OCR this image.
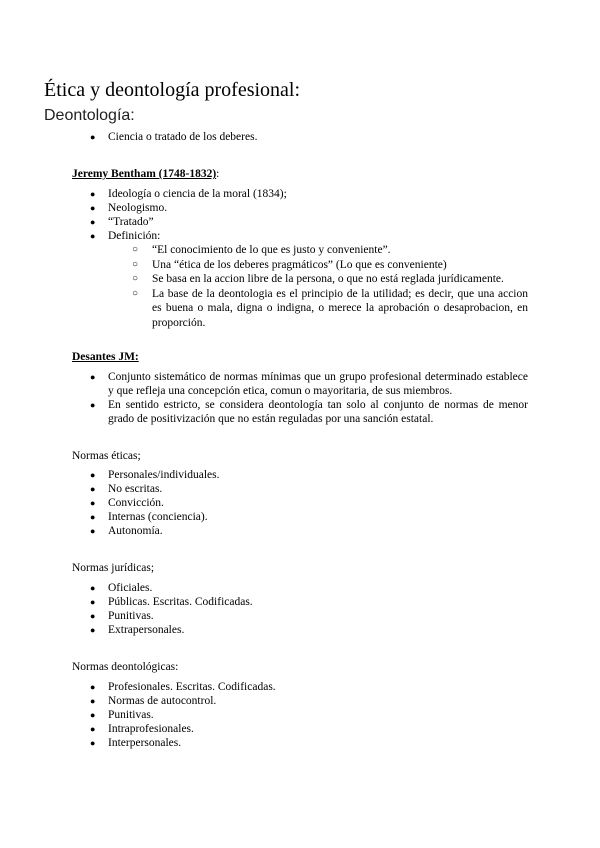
Ética y deontología profesional:
Deontología:
● Ciencia o tratado de los deberes.

Jeremy Bentham (1748-1832):

● Ideología o ciencia de la moral (1834);
● Neologismo.
● “Tratado”
● Definición:
○ “El conocimiento de lo que es justo y conveniente”.
○ Una “ética de los deberes pragmáticos” (Lo que es conveniente)
○ Se basa en la accion libre de la persona, o que no está reglada jurídicamente.
○ La base de la deontologia es el principio de la utilidad; es decir, que una accion es buena o mala, digna o indigna, o merece la aprobación o desaprobacion, en proporción.

Desantes JM:

● Conjunto sistemático de normas mínimas que un grupo profesional determinado establece y que refleja una concepción etica, comun o mayoritaria, de sus miembros.
● En sentido estricto, se considera deontología tan solo al conjunto de normas de menor grado de positivización que no están reguladas por una sanción estatal.

Normas éticas;

● Personales/individuales.
● No escritas.
● Convicción.
● Internas (conciencia).
● Autonomía.

Normas jurídicas;

● Oficiales.
● Públicas. Escritas. Codificadas.
● Punitivas.
● Extrapersonales.

Normas deontológicas:

● Profesionales. Escritas. Codificadas.
● Normas de autocontrol.
● Punitivas.
● Intraprofesionales.
● Interpersonales.
